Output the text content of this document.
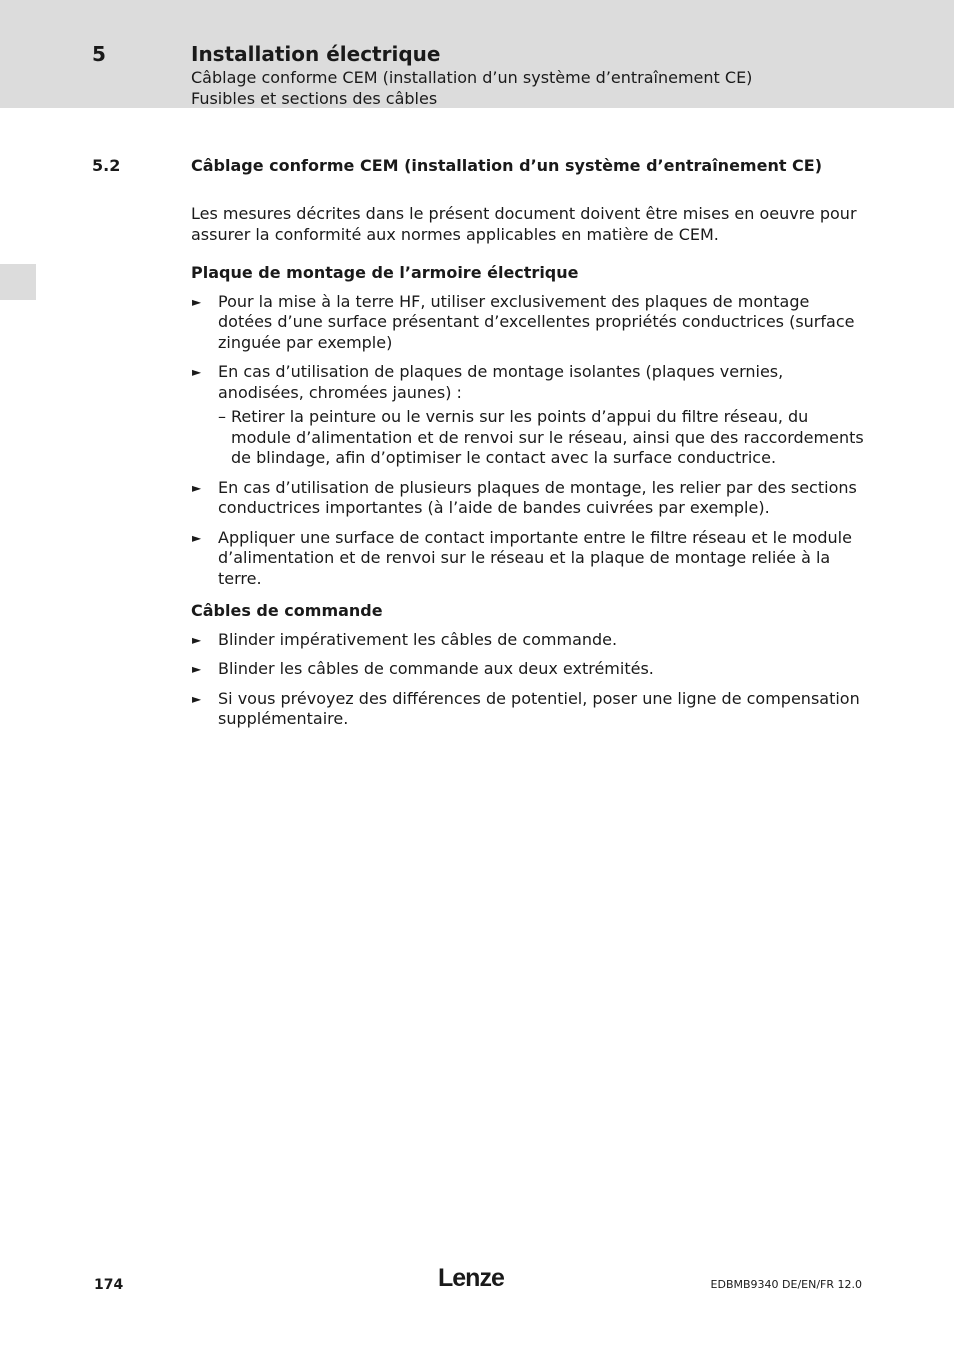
5	Installation électrique
Câblage conforme CEM (installation d’un système d’entraînement CE)
Fusibles et sections des câbles
5.2	Câblage conforme CEM (installation d’un système d’entraînement CE)

Les mesures décrites dans le présent document doivent être mises en oeuvre pour assurer la conformité aux normes applicables en matière de CEM.

Plaque de montage de l’armoire électrique

► Pour la mise à la terre HF, utiliser exclusivement des plaques de montage dotées d’une surface présentant d’excellentes propriétés conductrices (surface zinguée par exemple)
► En cas d’utilisation de plaques de montage isolantes (plaques vernies, anodisées, chromées jaunes) :
– Retirer la peinture ou le vernis sur les points d’appui du filtre réseau, du module d’alimentation et de renvoi sur le réseau, ainsi que des raccordements de blindage, afin d’optimiser le contact avec la surface conductrice.
► En cas d’utilisation de plusieurs plaques de montage, les relier par des sections conductrices importantes (à l’aide de bandes cuivrées par exemple).
► Appliquer une surface de contact importante entre le filtre réseau et le module d’alimentation et de renvoi sur le réseau et la plaque de montage reliée à la terre.

Câbles de commande

► Blinder impérativement les câbles de commande.
► Blinder les câbles de commande aux deux extrémités.
► Si vous prévoyez des différences de potentiel, poser une ligne de compensation supplémentaire.
174	Lenze	EDBMB9340 DE/EN/FR 12.0
